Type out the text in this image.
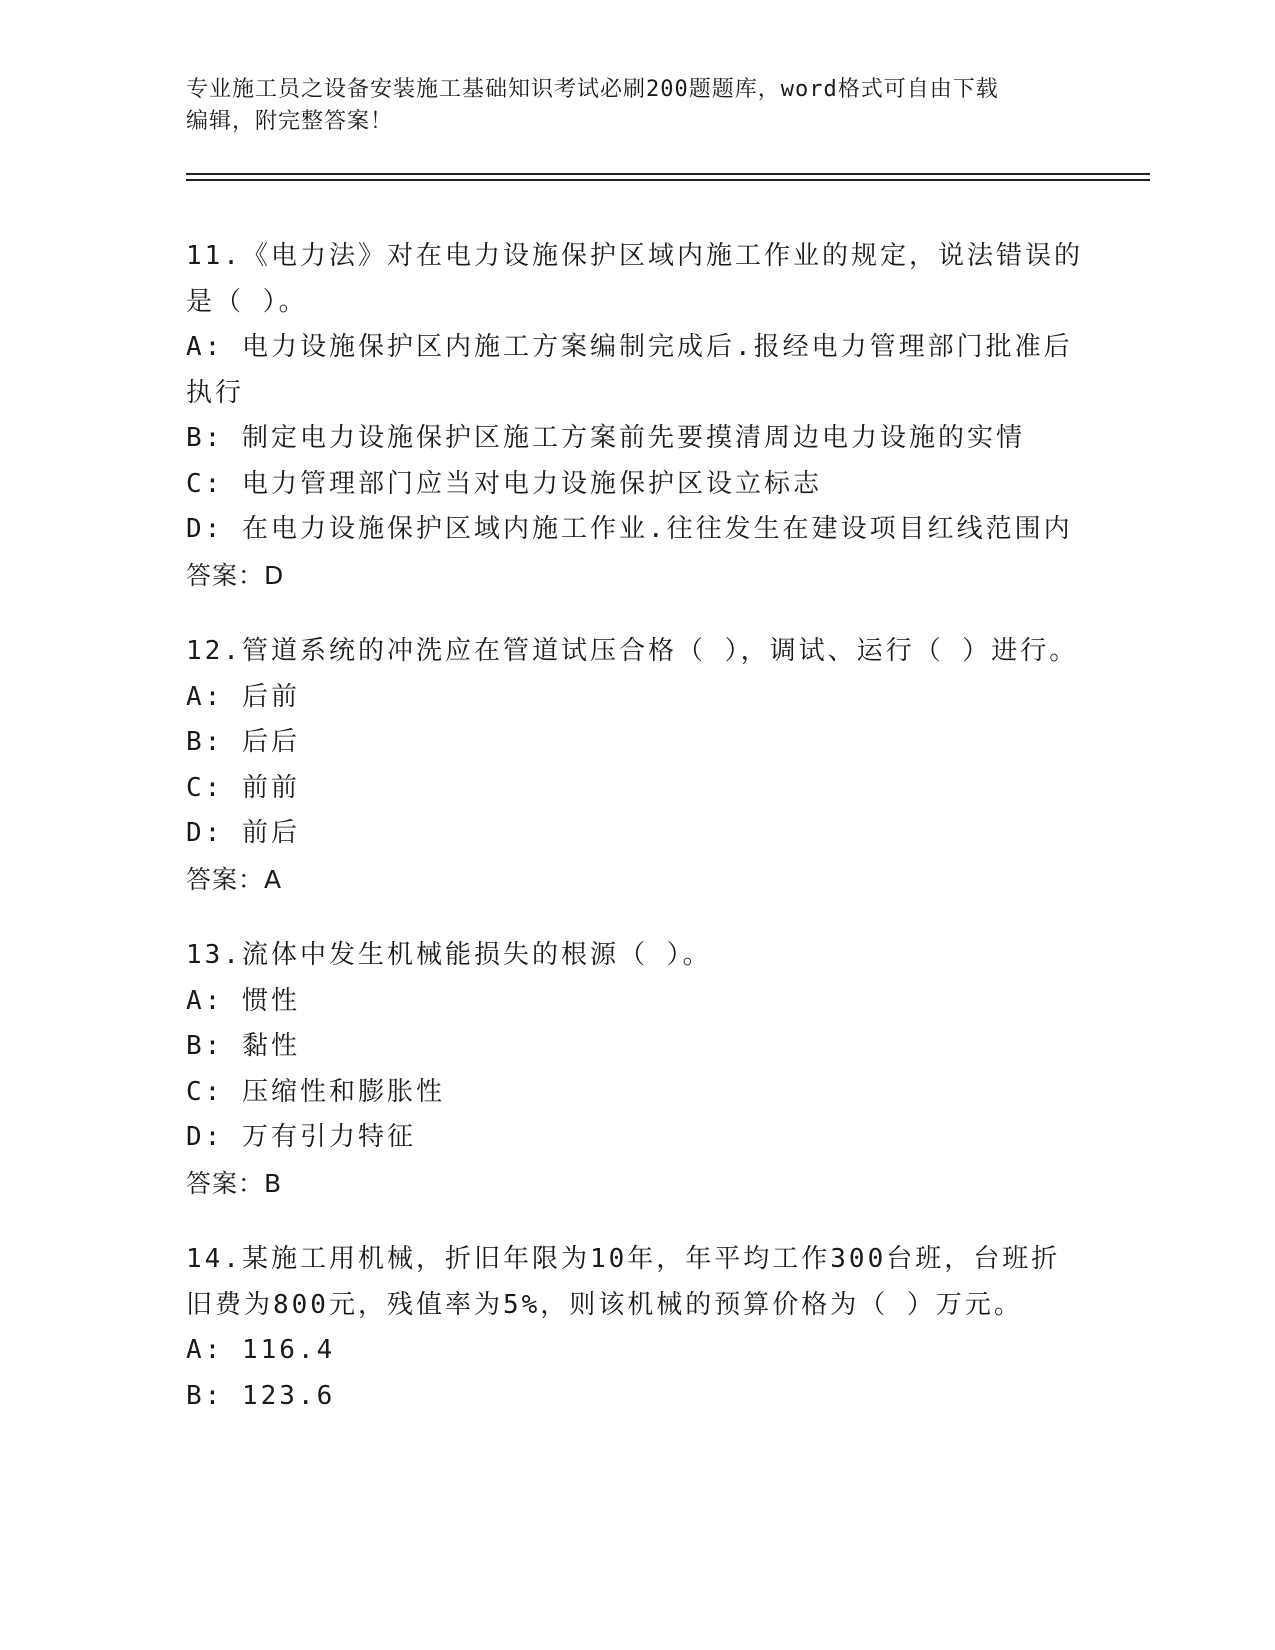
专业施工员之设备安装施工基础知识考试必刷200题题库，word格式可自由下载
编辑，附完整答案！
11.《电力法》对在电力设施保护区域内施工作业的规定，说法错误的
是（ ）。
A: 电力设施保护区内施工方案编制完成后.报经电力管理部门批准后
执行
B: 制定电力设施保护区施工方案前先要摸清周边电力设施的实情
C: 电力管理部门应当对电力设施保护区设立标志
D: 在电力设施保护区域内施工作业.往往发生在建设项目红线范围内
答案：D
12.管道系统的冲洗应在管道试压合格（ ），调试、运行（ ）进行。
A: 后前
B: 后后
C: 前前
D: 前后
答案：A
13.流体中发生机械能损失的根源（ ）。
A: 惯性
B: 黏性
C: 压缩性和膨胀性
D: 万有引力特征
答案：B
14.某施工用机械，折旧年限为10年，年平均工作300台班，台班折
旧费为800元，残值率为5%，则该机械的预算价格为（ ）万元。
A: 116.4
B: 123.6
